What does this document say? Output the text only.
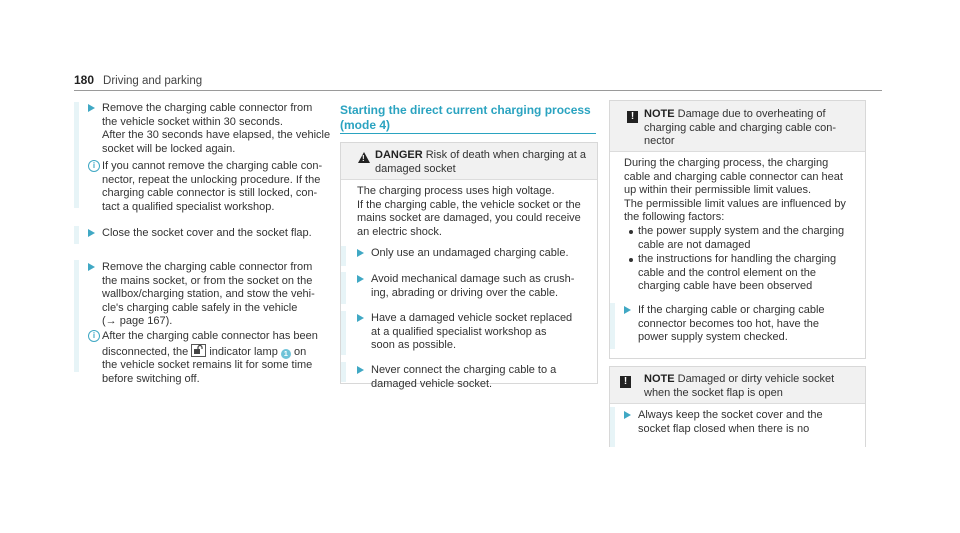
180 Driving and parking

Remove the charging cable connector from
the vehicle socket within 30 seconds.
After the 30 seconds have elapsed, the vehicle
socket will be locked again.
i If you cannot remove the charging cable con-
nector, repeat the unlocking procedure. If the
charging cable connector is still locked, con-
tact a qualified specialist workshop.
Close the socket cover and the socket flap.
Remove the charging cable connector from
the mains socket, or from the socket on the
wallbox/charging station, and stow the vehi-
cle's charging cable safely in the vehicle
(→ page 167).
i After the charging cable connector has been
disconnected, the
indicator lamp 1 on
the vehicle socket remains lit for some time
before switching off.
Starting the direct current charging process
(mode 4)
! DANGER Risk of death when charging at a
damaged socket
The charging process uses high voltage.
If the charging cable, the vehicle socket or the
mains socket are damaged, you could receive
an electric shock.
Only use an undamaged charging cable.
Avoid mechanical damage such as crush-
ing, abrading or driving over the cable.
Have a damaged vehicle socket replaced
at a qualified specialist workshop as
soon as possible.
Never connect the charging cable to a
damaged vehicle socket.
! NOTE Damage due to overheating of
charging cable and charging cable con-
nector
During the charging process, the charging
cable and charging cable connector can heat
up within their permissible limit values.
The permissible limit values are influenced by
the following factors:
the power supply system and the charging
cable are not damaged
the instructions for handling the charging
cable and the control element on the
charging cable have been observed
If the charging cable or charging cable
connector becomes too hot, have the
power supply system checked.
!	NOTE Damaged or dirty vehicle socket
when the socket flap is open
Always keep the socket cover and the
socket flap closed when there is no
